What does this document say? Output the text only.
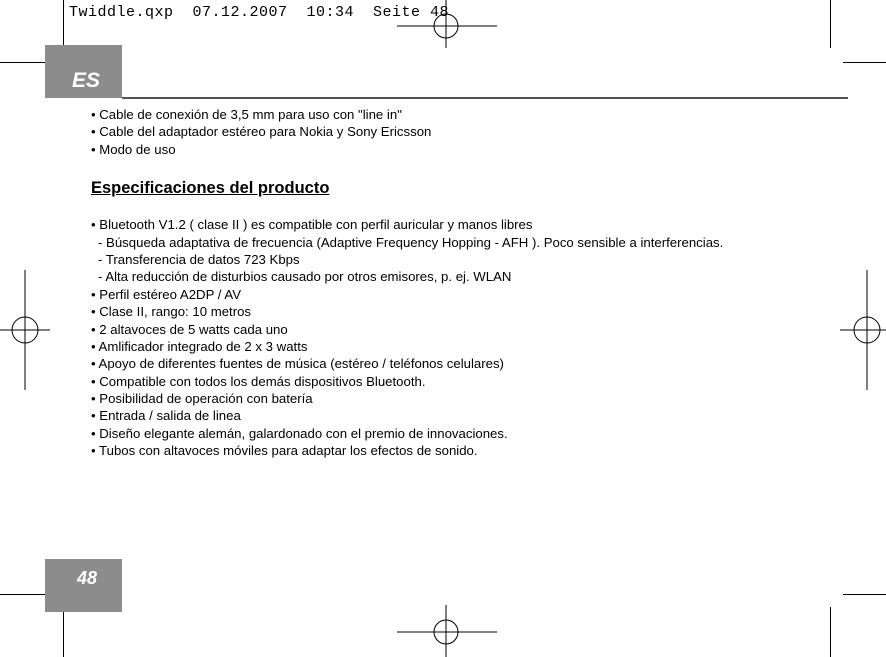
Twiddle.qxp  07.12.2007  10:34  Seite 48
ES
• Cable de conexión de 3,5 mm para uso con "line in"
• Cable del adaptador estéreo para Nokia y Sony Ericsson
• Modo de uso
Especificaciones del producto
• Bluetooth V1.2 ( clase II ) es compatible con perfil auricular y manos libres
- Búsqueda adaptativa de frecuencia (Adaptive Frequency Hopping - AFH ). Poco sensible a interferencias.
- Transferencia de datos 723 Kbps
- Alta reducción de disturbios causado por otros emisores, p. ej. WLAN
• Perfil estéreo A2DP / AV
• Clase II, rango: 10 metros
• 2 altavoces de 5 watts cada uno
• Amlificador integrado de 2 x 3 watts
• Apoyo de diferentes fuentes de música (estéreo / teléfonos celulares)
• Compatible con todos los demás dispositivos Bluetooth.
• Posibilidad de operación con batería
• Entrada / salida de linea
• Diseño elegante alemán, galardonado con el premio de innovaciones.
• Tubos con altavoces móviles para adaptar los efectos de sonido.
48
